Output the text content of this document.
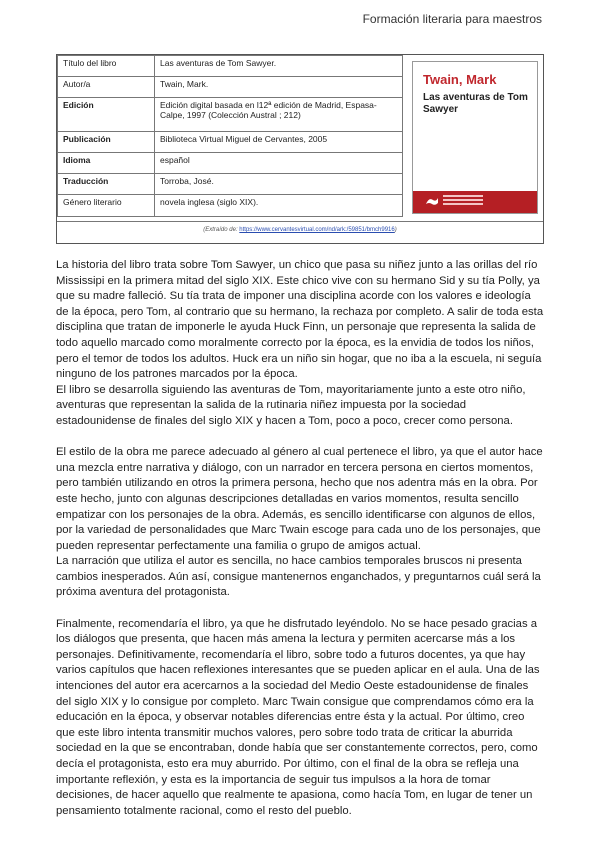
Formación literaria para maestros
Título del libro	Las aventuras de Tom Sawyer.
Autor/a	Twain, Mark.
Edición	Edición digital basada en l12ª edición de Madrid, Espasa-Calpe, 1997 (Colección Austral ; 212)
Publicación	Biblioteca Virtual Miguel de Cervantes, 2005
Idioma	español
Traducción	Torroba, José.
Género literario	novela inglesa (siglo XIX).
Twain, Mark
Las aventuras de Tom Sawyer
(Extraído de: https://www.cervantesvirtual.com/nd/ark:/59851/bmch9916)

La historia del libro trata sobre Tom Sawyer, un chico que pasa su niñez junto a las orillas del río Mississipi en la primera mitad del siglo XIX. Este chico vive con su hermano Sid y su tía Polly, ya que su madre falleció. Su tía trata de imponer una disciplina acorde con los valores e ideología de la época, pero Tom, al contrario que su hermano, la rechaza por completo. A salir de toda esta disciplina que tratan de imponerle le ayuda Huck Finn, un personaje que representa la salida de todo aquello marcado como moralmente correcto por la época, es la envidia de todos los niños, pero el temor de todos los adultos. Huck era un niño sin hogar, que no iba a la escuela, ni seguía ninguno de los patrones marcados por la época.

El libro se desarrolla siguiendo las aventuras de Tom, mayoritariamente junto a este otro niño, aventuras que representan la salida de la rutinaria niñez impuesta por la sociedad estadounidense de finales del siglo XIX y hacen a Tom, poco a poco, crecer como persona.

El estilo de la obra me parece adecuado al género al cual pertenece el libro, ya que el autor hace una mezcla entre narrativa y diálogo, con un narrador en tercera persona en ciertos momentos, pero también utilizando en otros la primera persona, hecho que nos adentra más en la obra. Por este hecho, junto con algunas descripciones detalladas en varios momentos, resulta sencillo empatizar con los personajes de la obra. Además, es sencillo identificarse con algunos de ellos, por la variedad de personalidades que Marc Twain escoge para cada uno de los personajes, que pueden representar perfectamente una familia o grupo de amigos actual.

La narración que utiliza el autor es sencilla, no hace cambios temporales bruscos ni presenta cambios inesperados. Aún así, consigue mantenernos enganchados, y preguntarnos cuál será la próxima aventura del protagonista.

Finalmente, recomendaría el libro, ya que he disfrutado leyéndolo. No se hace pesado gracias a los diálogos que presenta, que hacen más amena la lectura y permiten acercarse más a los personajes. Definitivamente, recomendaría el libro, sobre todo a futuros docentes, ya que hay varios capítulos que hacen reflexiones interesantes que se pueden aplicar en el aula. Una de las intenciones del autor era acercarnos a la sociedad del Medio Oeste estadounidense de finales del siglo XIX y lo consigue por completo. Marc Twain consigue que comprendamos cómo era la educación en la época, y observar notables diferencias entre ésta y la actual. Por último, creo que este libro intenta transmitir muchos valores, pero sobre todo trata de criticar la aburrida sociedad en la que se encontraban, donde había que ser constantemente correctos, pero, como decía el protagonista, esto era muy aburrido. Por último, con el final de la obra se refleja una importante reflexión, y esta es la importancia de seguir tus impulsos a la hora de tomar decisiones, de hacer aquello que realmente te apasiona, como hacía Tom, en lugar de tener un pensamiento totalmente racional, como el resto del pueblo.
